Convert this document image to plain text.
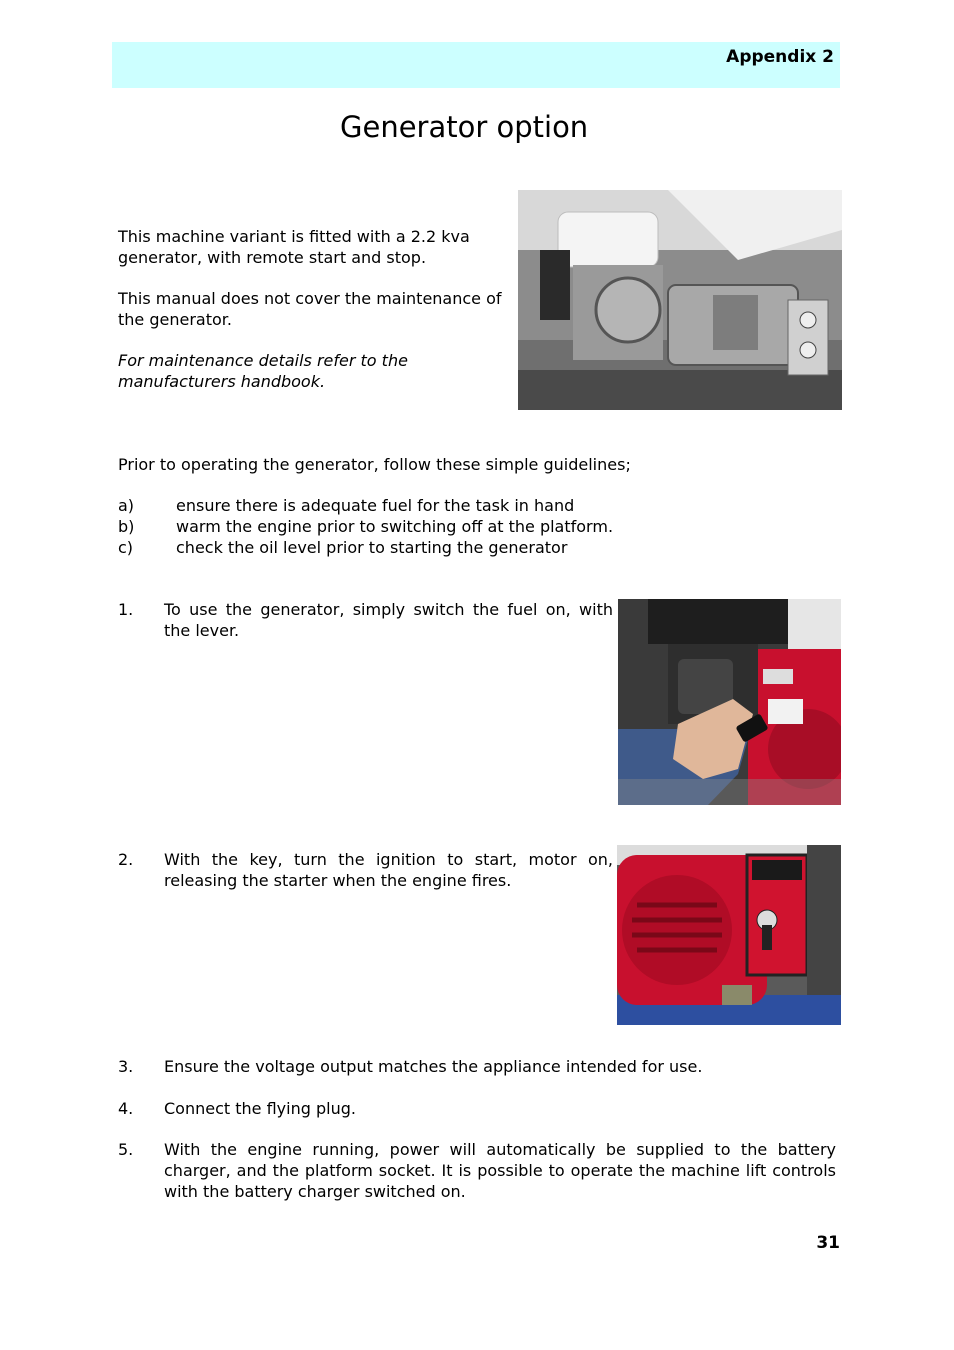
Appendix 2
Generator option
This machine variant is fitted with a 2.2 kva generator, with remote start and stop.
This manual does not cover the maintenance of the generator.
For maintenance details refer to the manufacturers handbook.
Prior to operating the generator, follow these simple guidelines;
a)	ensure there is adequate fuel for the task in hand
b)	warm the engine prior to switching off at the platform.
c)	check the oil level prior to starting the generator
1. To use the generator, simply switch the fuel on, with the lever.
2. With the key, turn the ignition to start, motor on, releasing the starter when the engine fires.
3. Ensure the voltage output matches the appliance intended for use.
4. Connect the flying plug.
5. With the engine running, power will automatically be supplied to the battery charger, and the platform socket. It is possible to operate the machine lift controls with the battery charger switched on.
31
